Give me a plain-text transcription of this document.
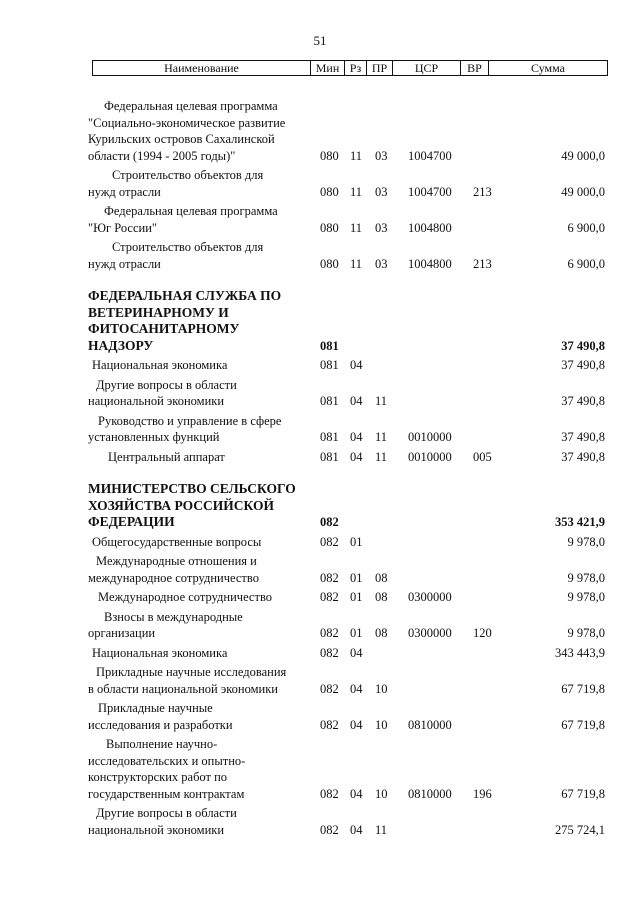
51
Наименование	Мин Рз ПР	ЦСР	ВР	Сумма
Федеральная целевая программа
"Социально-экономическое развитие
Курильских островов Сахалинской
области (1994 - 2005 годы)"	080 11 03 1004700	49 000,0
Строительство объектов для
нужд отрасли	080 11 03 1004700 213	49 000,0
Федеральная целевая программа
"Юг России"	080 11 03 1004800	6 900,0
Строительство объектов для
нужд отрасли	080 11 03 1004800 213	6 900,0
ФЕДЕРАЛЬНАЯ СЛУЖБА ПО
ВЕТЕРИНАРНОМУ И
ФИТОСАНИТАРНОМУ
НАДЗОРУ	081	37 490,8
Национальная экономика	081 04	37 490,8
Другие вопросы в области
национальной экономики	081 04 11	37 490,8
Руководство и управление в сфере
установленных функций	081 04 11 0010000	37 490,8
Центральный аппарат	081 04 11 0010000 005	37 490,8
МИНИСТЕРСТВО СЕЛЬСКОГО
ХОЗЯЙСТВА РОССИЙСКОЙ
ФЕДЕРАЦИИ	082	353 421,9
Общегосударственные вопросы	082 01	9 978,0
Международные отношения и
международное сотрудничество	082 01 08	9 978,0
Международное сотрудничество	082 01 08 0300000	9 978,0
Взносы в международные
организации	082 01 08 0300000 120	9 978,0
Национальная экономика	082 04	343 443,9
Прикладные научные исследования
в области национальной экономики	082 04 10	67 719,8
Прикладные научные
исследования и разработки	082 04 10 0810000	67 719,8
Выполнение научно-
исследовательских и опытно-
конструкторских работ по
государственным контрактам	082 04 10 0810000 196	67 719,8
Другие вопросы в области
национальной экономики	082 04 11	275 724,1
